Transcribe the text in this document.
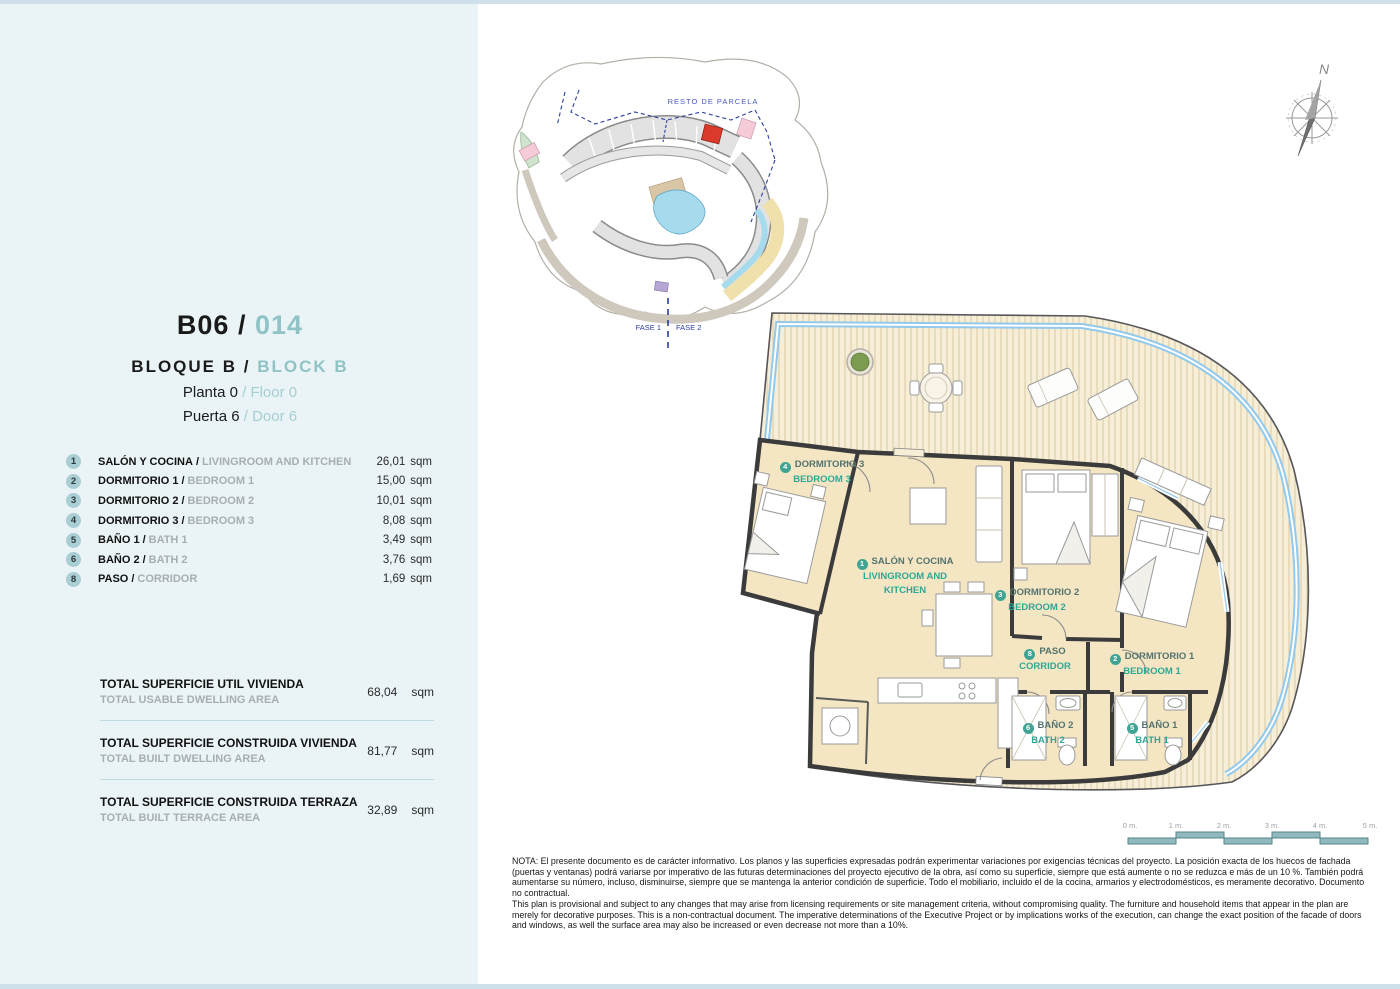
B06 / 014
BLOQUE B / BLOCK B
Planta 0 / Floor 0
Puerta 6 / Door 6
1	SALÓN Y COCINA / LIVINGROOM AND KITCHEN 26,01 sqm
2	DORMITORIO 1 / BEDROOM 1	15,00 sqm
3	DORMITORIO 2 / BEDROOM 2	10,01 sqm
4	DORMITORIO 3 / BEDROOM 3	8,08 sqm
5	BAÑO 1 / BATH 1	3,49 sqm
6	BAÑO 2 / BATH 2	3,76 sqm
8	PASO / CORRIDOR	1,69 sqm
TOTAL SUPERFICIE UTIL VIVIENDA
TOTAL USABLE DWELLING AREA
68,04 sqm
TOTAL SUPERFICIE CONSTRUIDA VIVIENDA
TOTAL BUILT DWELLING AREA
81,77 sqm
TOTAL SUPERFICIE CONSTRUIDA TERRAZA
TOTAL BUILT TERRACE AREA
32,89 sqm
RESTO DE PARCELA
FASE 1 FASE 2
N
4 DORMITORIO 3
BEDROOM 3
1 SALÓN Y COCINA
LIVINGROOM AND KITCHEN	3 DORMITORIO 2
BEDROOM 2
2 DORMITORIO 1
BEDROOM 1
8 PASO
CORRIDOR
6 BAÑO 2
BATH 2
5 BAÑO 1
BATH 1
0 m.	1 m.	2 m.	3 m.	4 m.	5 m.

NOTA: El presente documento es de carácter informativo. Los planos y las superficies expresadas podrán experimentar variaciones por exigencias técnicas del proyecto. La posición exacta de los huecos de fachada (puertas y ventanas) podrá variarse por imperativo de las futuras determinaciones del proyecto ejecutivo de la obra, así como su superficie, siempre que está aumente o no se reduzca e más de un 10 %. También podrá aumentarse su número, incluso, disminuirse, siempre que se mantenga la anterior condición de superficie. Todo el mobiliario, incluido el de la cocina, armarios y electrodomésticos, es meramente decorativo. Documento no contractual.

This plan is provisional and subject to any changes that may arise from licensing requirements or site management criteria, without compromising quality. The furniture and household items that appear in the plan are merely for decorative purposes. This is a non-contractual document. The imperative determinations of the Executive Project or by implications works of the execution, can change the exact position of the facade of doors and windows, as well the surface area may also be increased or even decrease not more than a 10%.
